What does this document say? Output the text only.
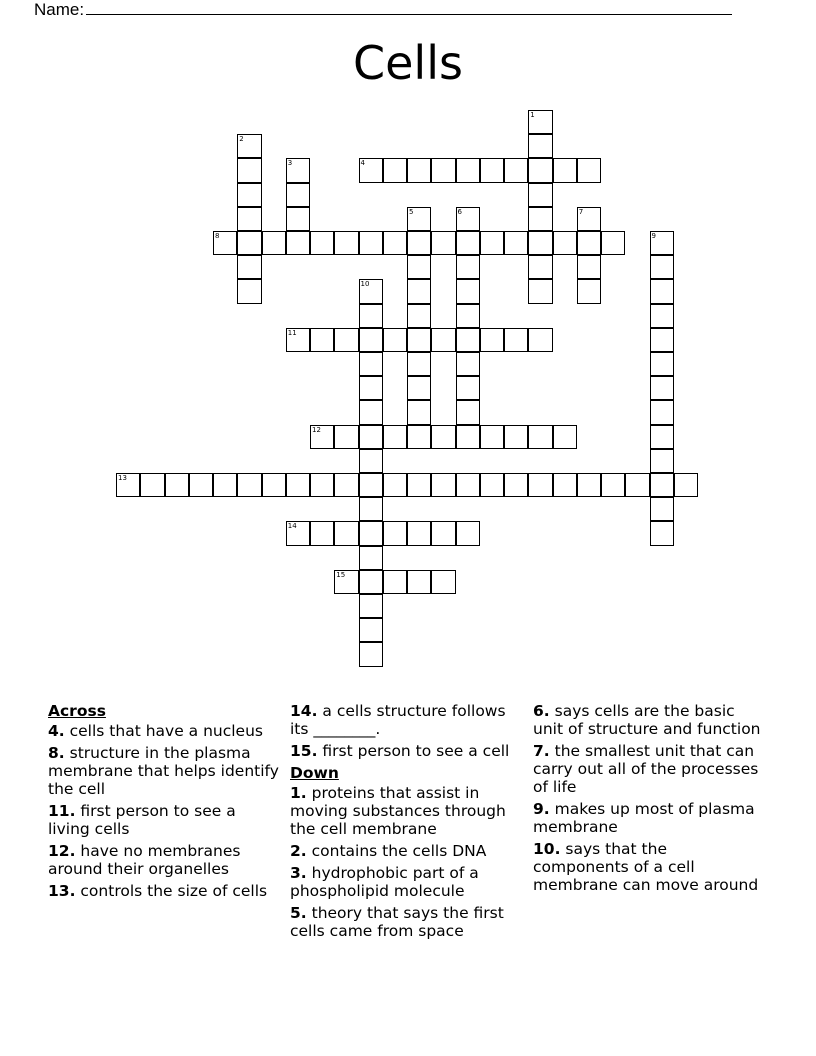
Name:
Cells
1
2
3	4
5	6	7
8	9
10
11
12
13
14
15
Across
4. cells that have a nucleus
8. structure in the plasma membrane that helps identify the cell
11. first person to see a living cells
12. have no membranes around their organelles
13. controls the size of cells
14. a cells structure follows its ________.
15. first person to see a cell
Down
1. proteins that assist in moving substances through the cell membrane
2. contains the cells DNA
3. hydrophobic part of a phospholipid molecule
5. theory that says the first cells came from space
6. says cells are the basic unit of structure and function
7. the smallest unit that can carry out all of the processes of life
9. makes up most of plasma membrane
10. says that the components of a cell membrane can move around
